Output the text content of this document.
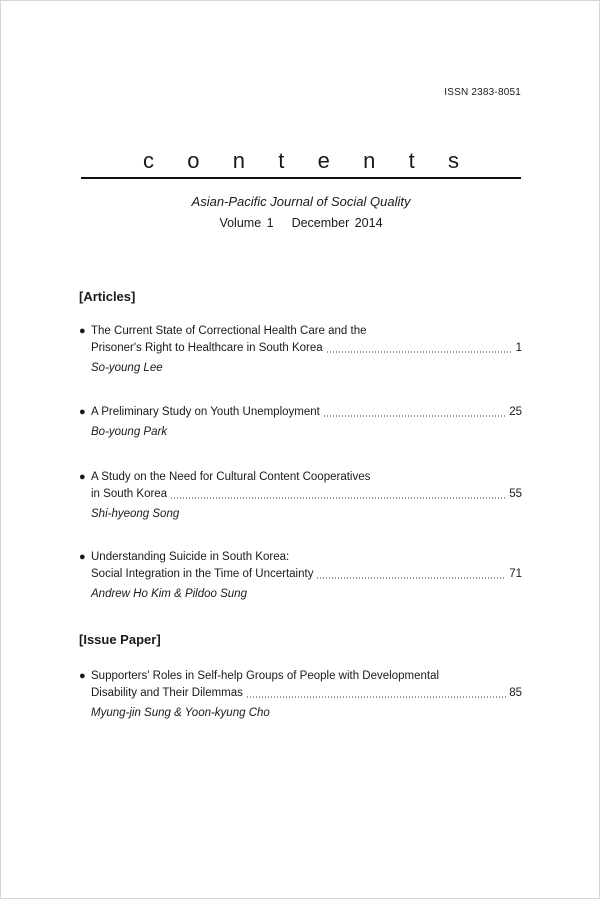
ISSN 2383-8051
c o n t e n t s
Asian-Pacific Journal of Social Quality
Volume 1 December 2014
[Articles]
● The Current State of Correctional Health Care and the
Prisoner's Right to Healthcare in South Korea	1
So-young Lee
● A Preliminary Study on Youth Unemployment	25
Bo-young Park
● A Study on the Need for Cultural Content Cooperatives
in South Korea	55
Shi-hyeong Song
● Understanding Suicide in South Korea:
Social Integration in the Time of Uncertainty	71
Andrew Ho Kim & Pildoo Sung
[Issue Paper]
● Supporters' Roles in Self-help Groups of People with Developmental
Disability and Their Dilemmas	85
Myung-jin Sung & Yoon-kyung Cho
